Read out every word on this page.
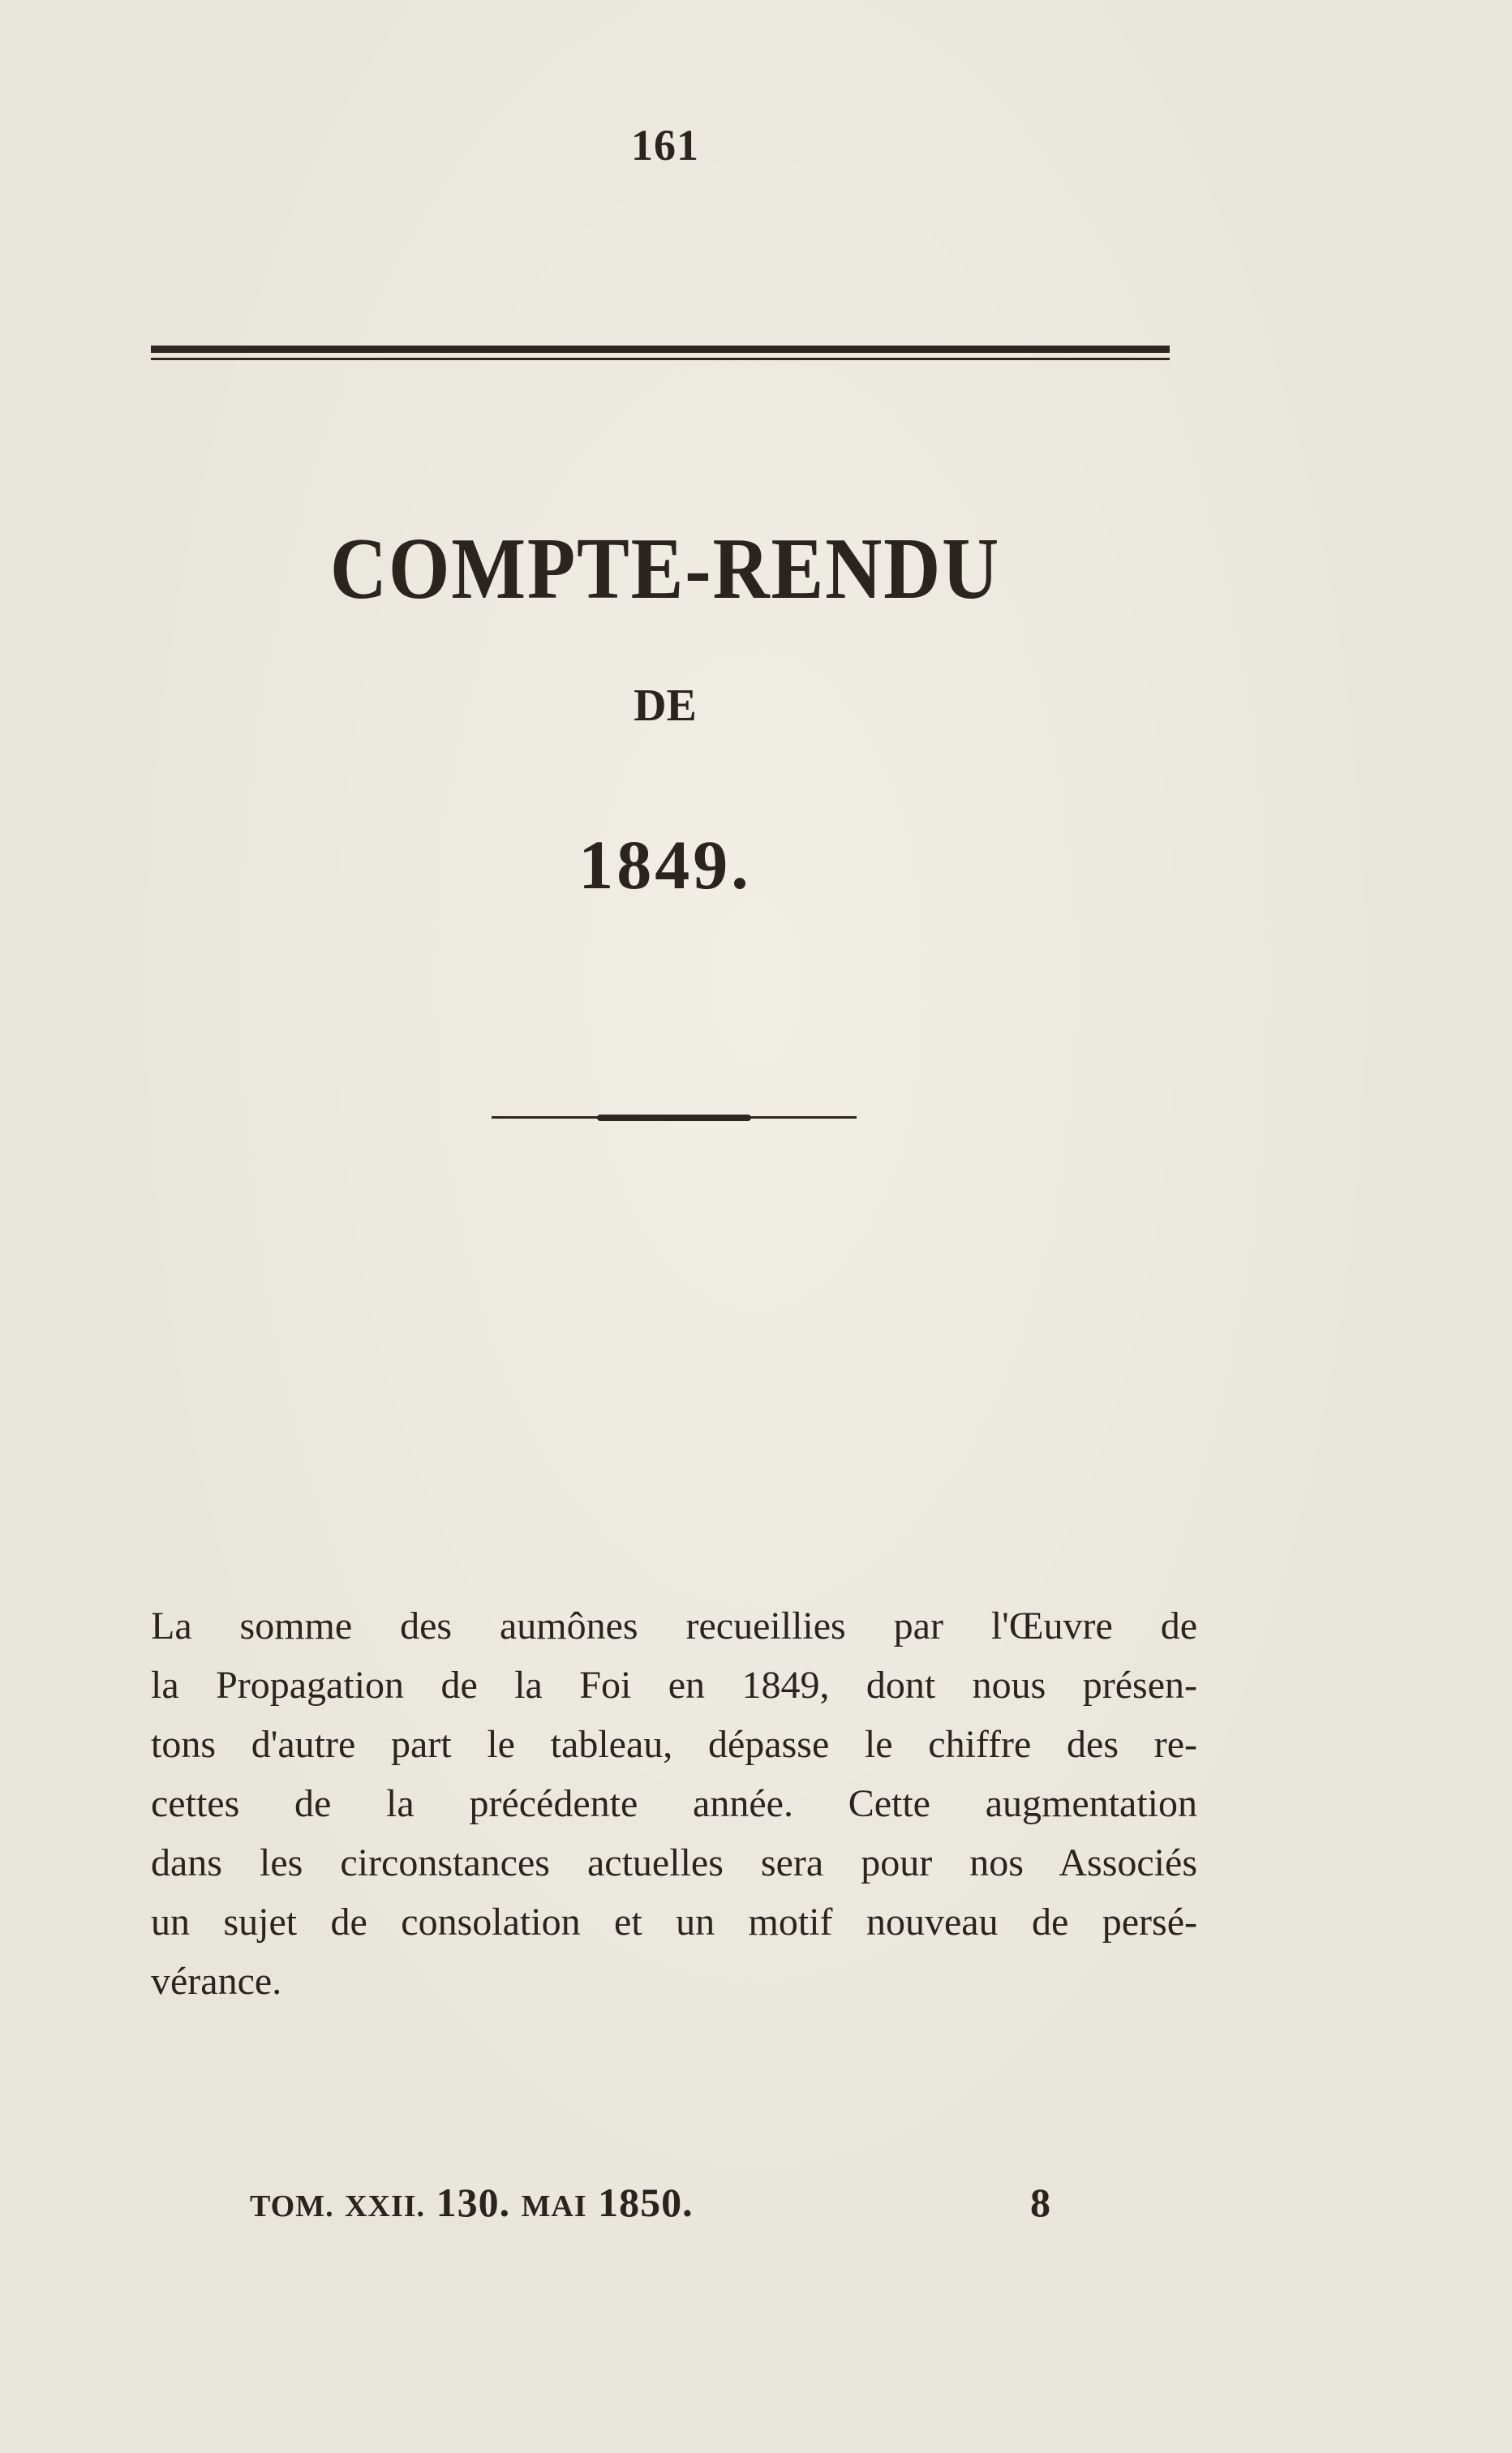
161
COMPTE-RENDU
DE
1849.
La somme des aumônes recueillies par l'Œuvre de
la Propagation de la Foi en 1849, dont nous présen-
tons d'autre part le tableau, dépasse le chiffre des re-
cettes de la précédente année. Cette augmentation
dans les circonstances actuelles sera pour nos Associés
un sujet de consolation et un motif nouveau de persé-
vérance.
TOM. XXII. 130. MAI 1850.	8
